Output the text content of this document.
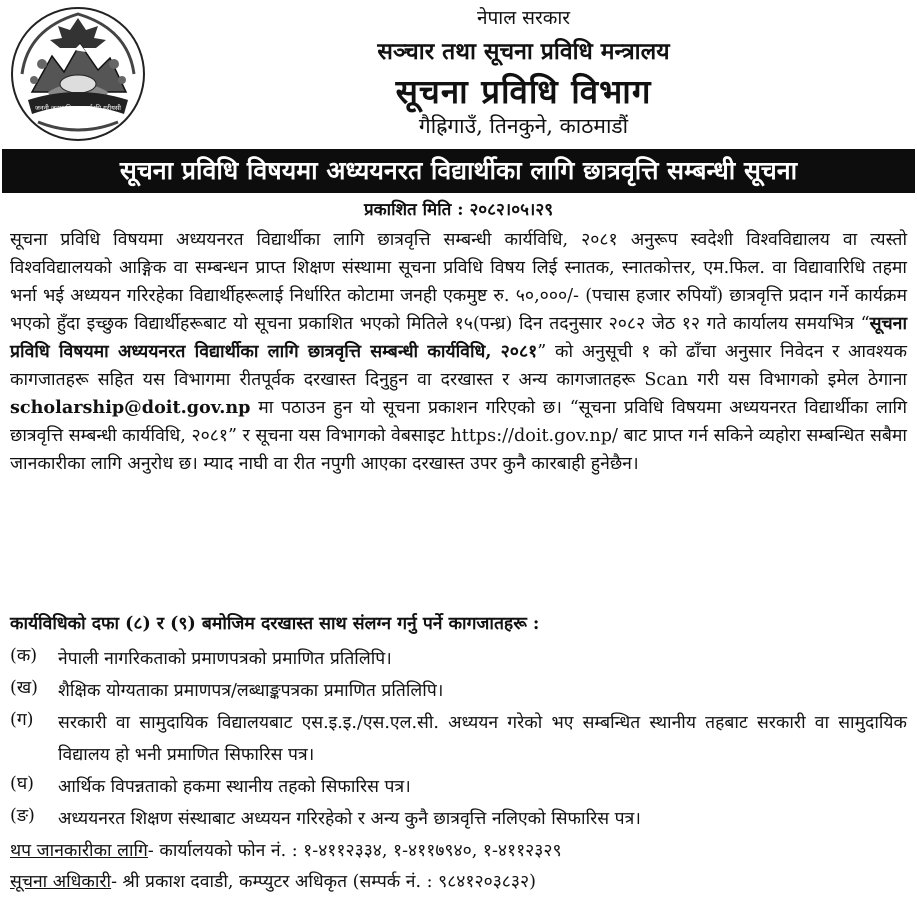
जननी जन्मभूमिश्च स्वर्गादपि गरीयसी
नेपाल सरकार
सञ्चार तथा सूचना प्रविधि मन्त्रालय
सूचना प्रविधि विभाग
गैह्रिगाउँ, तिनकुने, काठमाडौं
सूचना प्रविधि विषयमा अध्ययनरत विद्यार्थीका लागि छात्रवृत्ति सम्बन्धी सूचना
प्रकाशित मिति : २०८२।०५।२९
सूचना प्रविधि विषयमा अध्ययनरत विद्यार्थीका लागि छात्रवृत्ति सम्बन्धी कार्यविधि, २०८१ अनुरूप स्वदेशी विश्वविद्यालय वा त्यस्तो विश्वविद्यालयको आङ्गिक वा सम्बन्धन प्राप्त शिक्षण संस्थामा सूचना प्रविधि विषय लिई स्नातक, स्नातकोत्तर, एम.फिल. वा विद्यावारिधि तहमा भर्ना भई अध्ययन गरिरहेका विद्यार्थीहरूलाई निर्धारित कोटामा जनही एकमुष्ट रु. ५०,०००/- (पचास हजार रुपियाँ) छात्रवृत्ति प्रदान गर्ने कार्यक्रम भएको हुँदा इच्छुक विद्यार्थीहरूबाट यो सूचना प्रकाशित भएको मितिले १५(पन्ध्र) दिन तदनुसार २०८२ जेठ १२ गते कार्यालय समयभित्र “सूचना प्रविधि विषयमा अध्ययनरत विद्यार्थीका लागि छात्रवृत्ति सम्बन्धी कार्यविधि, २०८१” को अनुसूची १ को ढाँचा अनुसार निवेदन र आवश्यक कागजातहरू सहित यस विभागमा रीतपूर्वक दरखास्त दिनुहुन वा दरखास्त र अन्य कागजातहरू Scan गरी यस विभागको इमेल ठेगाना scholarship@doit.gov.np मा पठाउन हुन यो सूचना प्रकाशन गरिएको छ। “सूचना प्रविधि विषयमा अध्ययनरत विद्यार्थीका लागि छात्रवृत्ति सम्बन्धी कार्यविधि, २०८१” र सूचना यस विभागको वेबसाइट https://doit.gov.np/ बाट प्राप्त गर्न सकिने व्यहोरा सम्बन्धित सबैमा जानकारीका लागि अनुरोध छ। म्याद नाघी वा रीत नपुगी आएका दरखास्त उपर कुनै कारबाही हुनेछैन।
कार्यविधिको दफा (८) र (९) बमोजिम दरखास्त साथ संलग्न गर्नु पर्ने कागजातहरू :
(क)	नेपाली नागरिकताको प्रमाणपत्रको प्रमाणित प्रतिलिपि।
(ख)	शैक्षिक योग्यताका प्रमाणपत्र/लब्धाङ्कपत्रका प्रमाणित प्रतिलिपि।
(ग)	सरकारी वा सामुदायिक विद्यालयबाट एस.इ.इ./एस.एल.सी. अध्ययन गरेको भए सम्बन्धित स्थानीय तहबाट सरकारी वा सामुदायिक विद्यालय हो भनी प्रमाणित सिफारिस पत्र।
(घ)	आर्थिक विपन्नताको हकमा स्थानीय तहको सिफारिस पत्र।
(ङ)	अध्ययनरत शिक्षण संस्थाबाट अध्ययन गरिरहेको र अन्य कुनै छात्रवृत्ति नलिएको सिफारिस पत्र।
थप जानकारीका लागि- कार्यालयको फोन नं. : १-४११२३३४, १-४११७९४०, १-४११२३२९
सूचना अधिकारी- श्री प्रकाश दवाडी, कम्प्युटर अधिकृत (सम्पर्क नं. : ९८४१२०३८३२)
